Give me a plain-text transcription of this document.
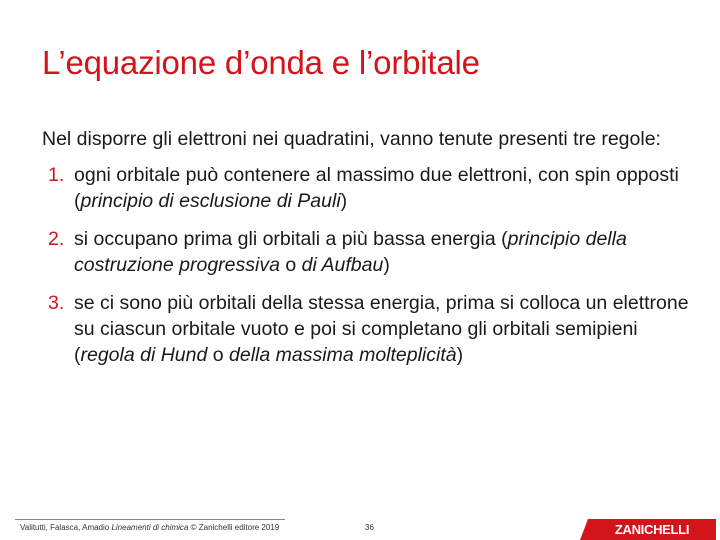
L’equazione d’onda e l’orbitale

Nel disporre gli elettroni nei quadratini, vanno tenute presenti tre regole:

1. ogni orbitale può contenere al massimo due elettroni, con spin opposti (principio di esclusione di Pauli)
2. si occupano prima gli orbitali a più bassa energia (principio della costruzione progressiva o di Aufbau)
3. se ci sono più orbitali della stessa energia, prima si colloca un elettrone su ciascun orbitale vuoto e poi si completano gli orbitali semipieni (regola di Hund o della massima molteplicità)
Valitutti, Falasca, Amadio Lineamenti di chimica © Zanichelli editore 2019	36	ZANICHELLI
